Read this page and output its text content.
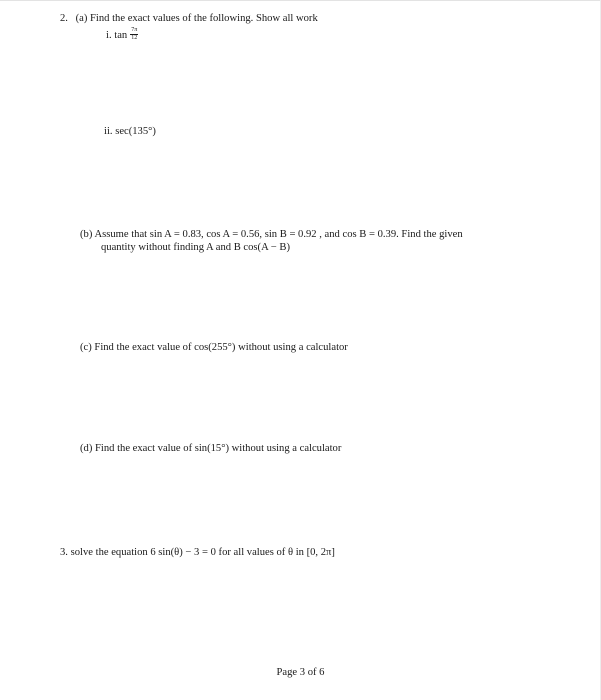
2. (a) Find the exact values of the following. Show all work
i. $\tan \frac{7\pi}{12}$
ii. sec(135°)
(b) Assume that sin A = 0.83, cos A = 0.56, sin B = 0.92 , and cos B = 0.39. Find the given
quantity without finding A and B cos(A − B)
(c) Find the exact value of cos(255°) without using a calculator
(d) Find the exact value of sin(15°) without using a calculator
3. solve the equation 6 sin(θ) − 3 = 0 for all values of θ in [0, 2π]
Page 3 of 6
